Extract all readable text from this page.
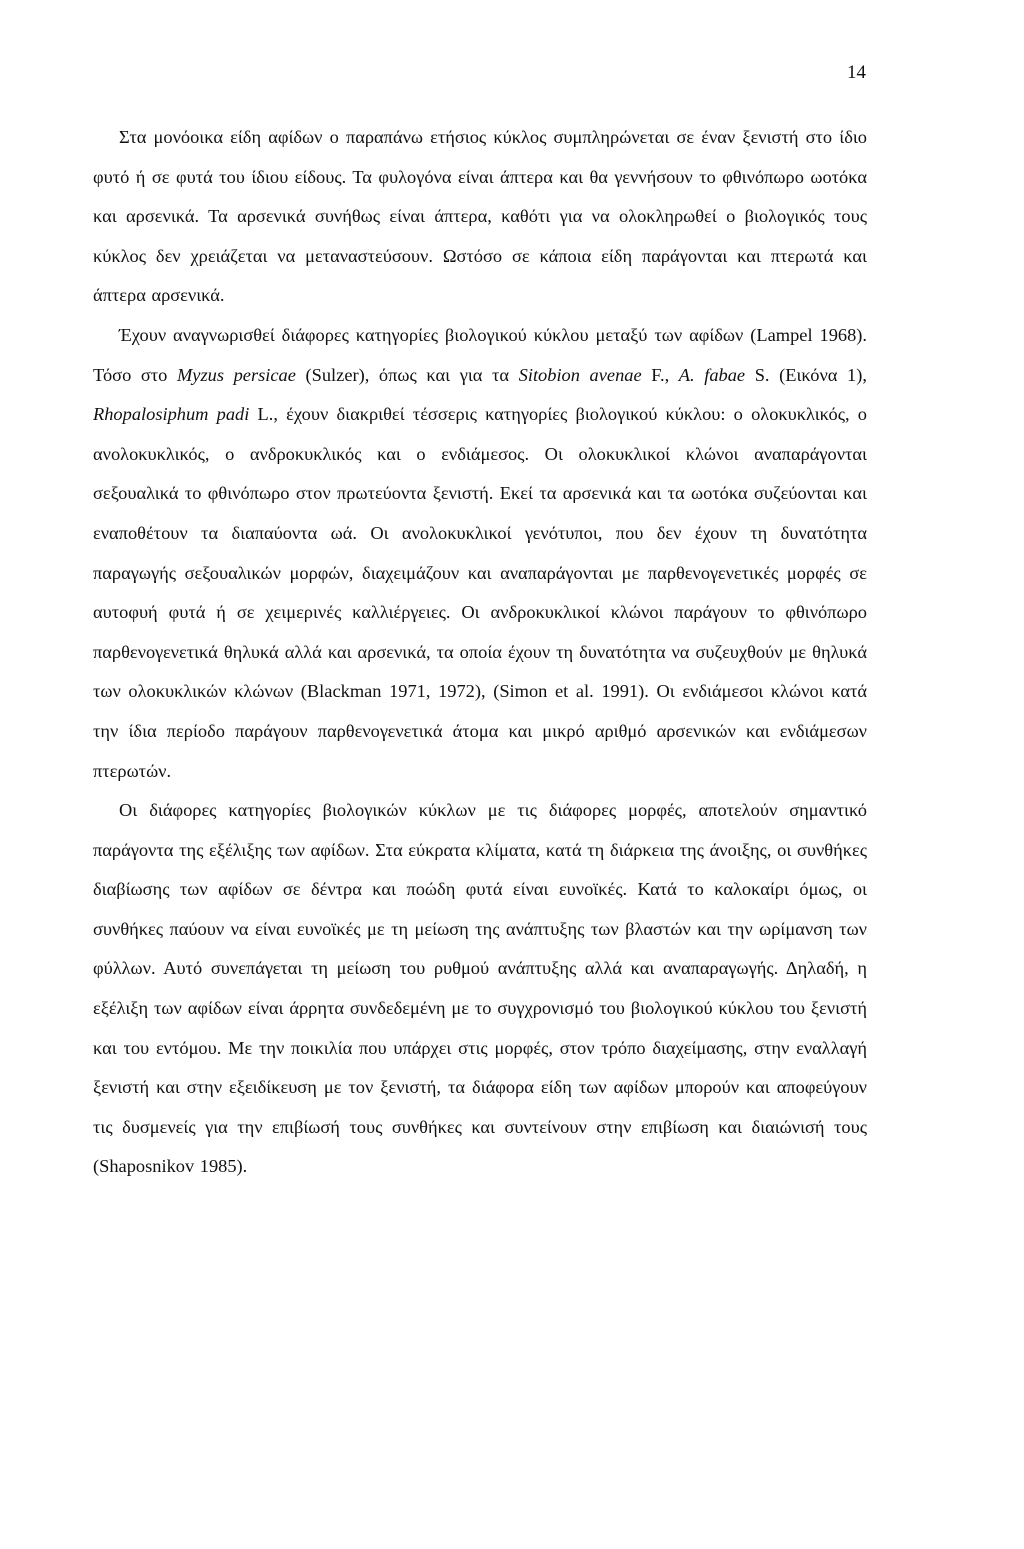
14

Στα μονόοικα είδη αφίδων ο παραπάνω ετήσιος κύκλος συμπληρώνεται σε έναν ξενιστή στο ίδιο φυτό ή σε φυτά του ίδιου είδους. Τα φυλογόνα είναι άπτερα και θα γεννήσουν το φθινόπωρο ωοτόκα και αρσενικά. Τα αρσενικά συνήθως είναι άπτερα, καθότι για να ολοκληρωθεί ο βιολογικός τους κύκλος δεν χρειάζεται να μεταναστεύσουν. Ωστόσο σε κάποια είδη παράγονται και πτερωτά και άπτερα αρσενικά.

Έχουν αναγνωρισθεί διάφορες κατηγορίες βιολογικού κύκλου μεταξύ των αφίδων (Lampel 1968). Τόσο στο Myzus persicae (Sulzer), όπως και για τα Sitobion avenae F., A. fabae S. (Εικόνα 1), Rhopalosiphum padi L., έχουν διακριθεί τέσσερις κατηγορίες βιολογικού κύκλου: ο ολοκυκλικός, ο ανολοκυκλικός, ο ανδροκυκλικός και ο ενδιάμεσος. Οι ολοκυκλικοί κλώνοι αναπαράγονται σεξουαλικά το φθινόπωρο στον πρωτεύοντα ξενιστή. Εκεί τα αρσενικά και τα ωοτόκα συζεύονται και εναποθέτουν τα διαπαύοντα ωά. Οι ανολοκυκλικοί γενότυποι, που δεν έχουν τη δυνατότητα παραγωγής σεξουαλικών μορφών, διαχειμάζουν και αναπαράγονται με παρθενογενετικές μορφές σε αυτοφυή φυτά ή σε χειμερινές καλλιέργειες. Οι ανδροκυκλικοί κλώνοι παράγουν το φθινόπωρο παρθενογενετικά θηλυκά αλλά και αρσενικά, τα οποία έχουν τη δυνατότητα να συζευχθούν με θηλυκά των ολοκυκλικών κλώνων (Blackman 1971, 1972), (Simon et al. 1991). Οι ενδιάμεσοι κλώνοι κατά την ίδια περίοδο παράγουν παρθενογενετικά άτομα και μικρό αριθμό αρσενικών και ενδιάμεσων πτερωτών.

Οι διάφορες κατηγορίες βιολογικών κύκλων με τις διάφορες μορφές, αποτελούν σημαντικό παράγοντα της εξέλιξης των αφίδων. Στα εύκρατα κλίματα, κατά τη διάρκεια της άνοιξης, οι συνθήκες διαβίωσης των αφίδων σε δέντρα και ποώδη φυτά είναι ευνοϊκές. Κατά το καλοκαίρι όμως, οι συνθήκες παύουν να είναι ευνοϊκές με τη μείωση της ανάπτυξης των βλαστών και την ωρίμανση των φύλλων. Αυτό συνεπάγεται τη μείωση του ρυθμού ανάπτυξης αλλά και αναπαραγωγής. Δηλαδή, η εξέλιξη των αφίδων είναι άρρητα συνδεδεμένη με το συγχρονισμό του βιολογικού κύκλου του ξενιστή και του εντόμου. Με την ποικιλία που υπάρχει στις μορφές, στον τρόπο διαχείμασης, στην εναλλαγή ξενιστή και στην εξειδίκευση με τον ξενιστή, τα διάφορα είδη των αφίδων μπορούν και αποφεύγουν τις δυσμενείς για την επιβίωσή τους συνθήκες και συντείνουν στην επιβίωση και διαιώνισή τους (Shaposnikov 1985).
